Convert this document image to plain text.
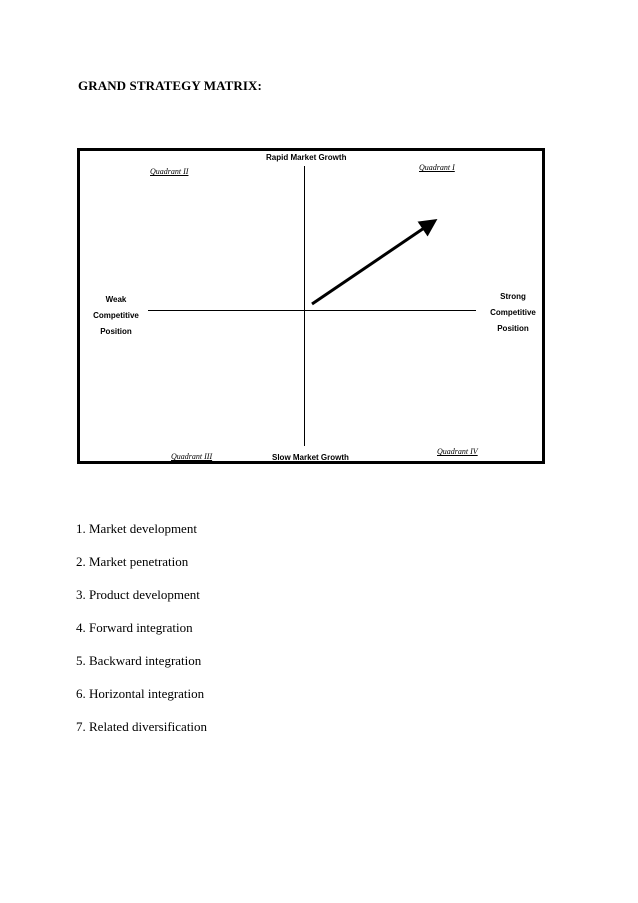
GRAND STRATEGY MATRIX:
Rapid Market Growth
Slow Market Growth
Weak
Competitive
Position
Strong
Competitive
Position
Quadrant II	Quadrant I
Quadrant III
Quadrant IV
1. Market development
2. Market penetration
3. Product development
4. Forward integration
5. Backward integration
6. Horizontal integration
7. Related diversification
